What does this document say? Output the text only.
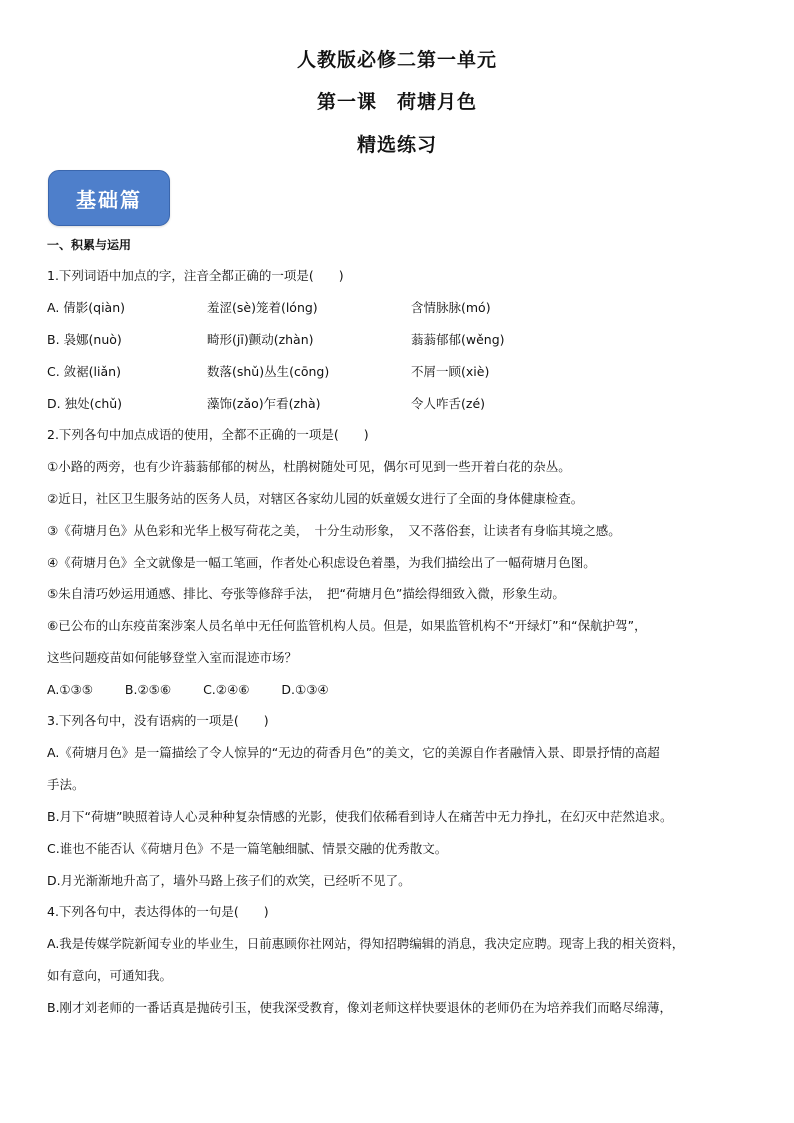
人教版必修二第一单元
第一课　荷塘月色
精选练习
基础篇
一、积累与运用
1.下列词语中加点的字，注音全都正确的一项是(　　)
A. 倩影(qiàn)	羞涩(sè)笼着(lóng)	含情脉脉(mó)
B. 袅娜(nuò)	畸形(jī)颤动(zhàn)	蓊蓊郁郁(wěng)
C. 敛裾(liǎn)	数落(shǔ)丛生(cōng)	不屑一顾(xiè)
D. 独处(chǔ)	藻饰(zǎo)乍看(zhà)	令人咋舌(zé)
2.下列各句中加点成语的使用，全都不正确的一项是(　　)
①小路的两旁，也有少许蓊蓊郁郁的树丛，杜鹃树随处可见，偶尔可见到一些开着白花的杂丛。
②近日，社区卫生服务站的医务人员，对辖区各家幼儿园的妖童媛女进行了全面的身体健康检查。
③《荷塘月色》从色彩和光华上极写荷花之美，　十分生动形象，　又不落俗套，让读者有身临其境之感。
④《荷塘月色》全文就像是一幅工笔画，作者处心积虑设色着墨，为我们描绘出了一幅荷塘月色图。
⑤朱自清巧妙运用通感、排比、夸张等修辞手法，　把“荷塘月色”描绘得细致入微，形象生动。
⑥已公布的山东疫苗案涉案人员名单中无任何监管机构人员。但是，如果监管机构不“开绿灯”和“保航护驾”，
这些问题疫苗如何能够登堂入室而混迹市场？
A.①③⑤	B.②⑤⑥	C.②④⑥	D.①③④
3.下列各句中，没有语病的一项是(　　)
A.《荷塘月色》是一篇描绘了令人惊异的“无边的荷香月色”的美文，它的美源自作者融情入景、即景抒情的高超
手法。
B.月下“荷塘”映照着诗人心灵种种复杂情感的光影，使我们依稀看到诗人在痛苦中无力挣扎，在幻灭中茫然追求。
C.谁也不能否认《荷塘月色》不是一篇笔触细腻、情景交融的优秀散文。
D.月光渐渐地升高了，墙外马路上孩子们的欢笑，已经听不见了。
4.下列各句中，表达得体的一句是(　　)
A.我是传媒学院新闻专业的毕业生，日前惠顾你社网站，得知招聘编辑的消息，我决定应聘。现寄上我的相关资料，
如有意向，可通知我。
B.刚才刘老师的一番话真是抛砖引玉，使我深受教育，像刘老师这样快要退休的老师仍在为培养我们而略尽绵薄，
